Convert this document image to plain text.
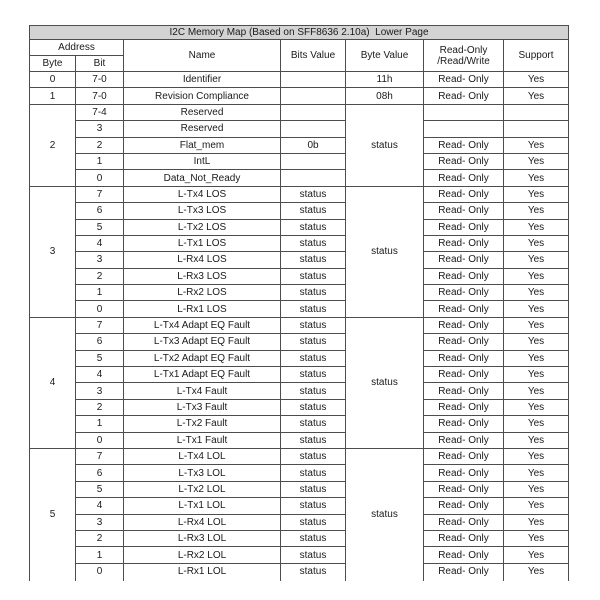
I2C Memory Map (Based on SFF8636 2.10a)  Lower Page						
Address		Name	Bits Value	Byte Value	Read-Only
/Read/Write	Support
Byte	Bit					
0	7-0	Identifier		11h	Read- Only	Yes
1	7-0	Revision Compliance		08h	Read- Only	Yes
2	7-4	Reserved		status		
	3	Reserved				
	2	Flat_mem	0b		Read- Only	Yes
	1	IntL			Read- Only	Yes
	0	Data_Not_Ready			Read- Only	Yes
3	7	L-Tx4 LOS	status	status	Read- Only	Yes
	6	L-Tx3 LOS	status		Read- Only	Yes
	5	L-Tx2 LOS	status		Read- Only	Yes
	4	L-Tx1 LOS	status		Read- Only	Yes
	3	L-Rx4 LOS	status		Read- Only	Yes
	2	L-Rx3 LOS	status		Read- Only	Yes
	1	L-Rx2 LOS	status		Read- Only	Yes
	0	L-Rx1 LOS	status		Read- Only	Yes
4	7	L-Tx4 Adapt EQ Fault	status	status	Read- Only	Yes
	6	L-Tx3 Adapt EQ Fault	status		Read- Only	Yes
	5	L-Tx2 Adapt EQ Fault	status		Read- Only	Yes
	4	L-Tx1 Adapt EQ Fault	status		Read- Only	Yes
	3	L-Tx4 Fault	status		Read- Only	Yes
	2	L-Tx3 Fault	status		Read- Only	Yes
	1	L-Tx2 Fault	status		Read- Only	Yes
	0	L-Tx1 Fault	status		Read- Only	Yes
5	7	L-Tx4 LOL	status	status	Read- Only	Yes
	6	L-Tx3 LOL	status		Read- Only	Yes
	5	L-Tx2 LOL	status		Read- Only	Yes
	4	L-Tx1 LOL	status		Read- Only	Yes
	3	L-Rx4 LOL	status		Read- Only	Yes
	2	L-Rx3 LOL	status		Read- Only	Yes
	1	L-Rx2 LOL	status		Read- Only	Yes
	0	L-Rx1 LOL	status		Read- Only	Yes
